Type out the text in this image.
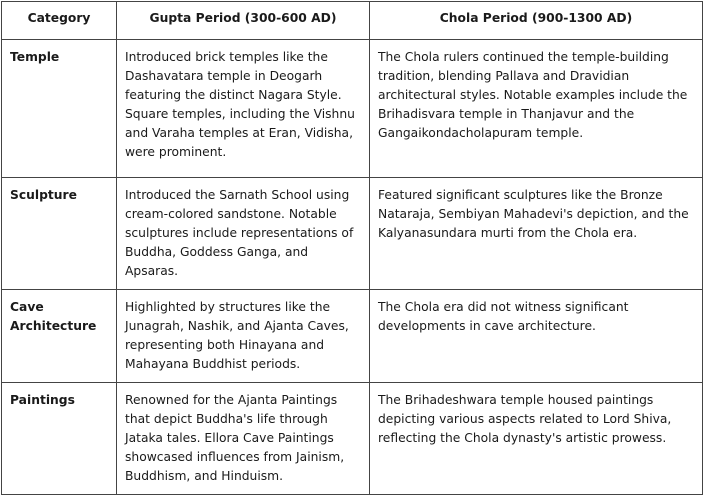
Category	Gupta Period (300-600 AD)	Chola Period (900-1300 AD)
Temple	Introduced brick temples like the Dashavatara temple in Deogarh featuring the distinct Nagara Style. Square temples, including the Vishnu and Varaha temples at Eran, Vidisha, were prominent.	The Chola rulers continued the temple-building tradition, blending Pallava and Dravidian architectural styles. Notable examples include the Brihadisvara temple in Thanjavur and the Gangaikondacholapuram temple.
Sculpture	Introduced the Sarnath School using cream-colored sandstone. Notable sculptures include representations of Buddha, Goddess Ganga, and Apsaras.	Featured significant sculptures like the Bronze Nataraja, Sembiyan Mahadevi's depiction, and the Kalyanasundara murti from the Chola era.
Cave Architecture	Highlighted by structures like the Junagrah, Nashik, and Ajanta Caves, representing both Hinayana and Mahayana Buddhist periods.	The Chola era did not witness significant developments in cave architecture.
Paintings	Renowned for the Ajanta Paintings that depict Buddha's life through Jataka tales. Ellora Cave Paintings showcased influences from Jainism, Buddhism, and Hinduism.	The Brihadeshwara temple housed paintings depicting various aspects related to Lord Shiva, reflecting the Chola dynasty's artistic prowess.
